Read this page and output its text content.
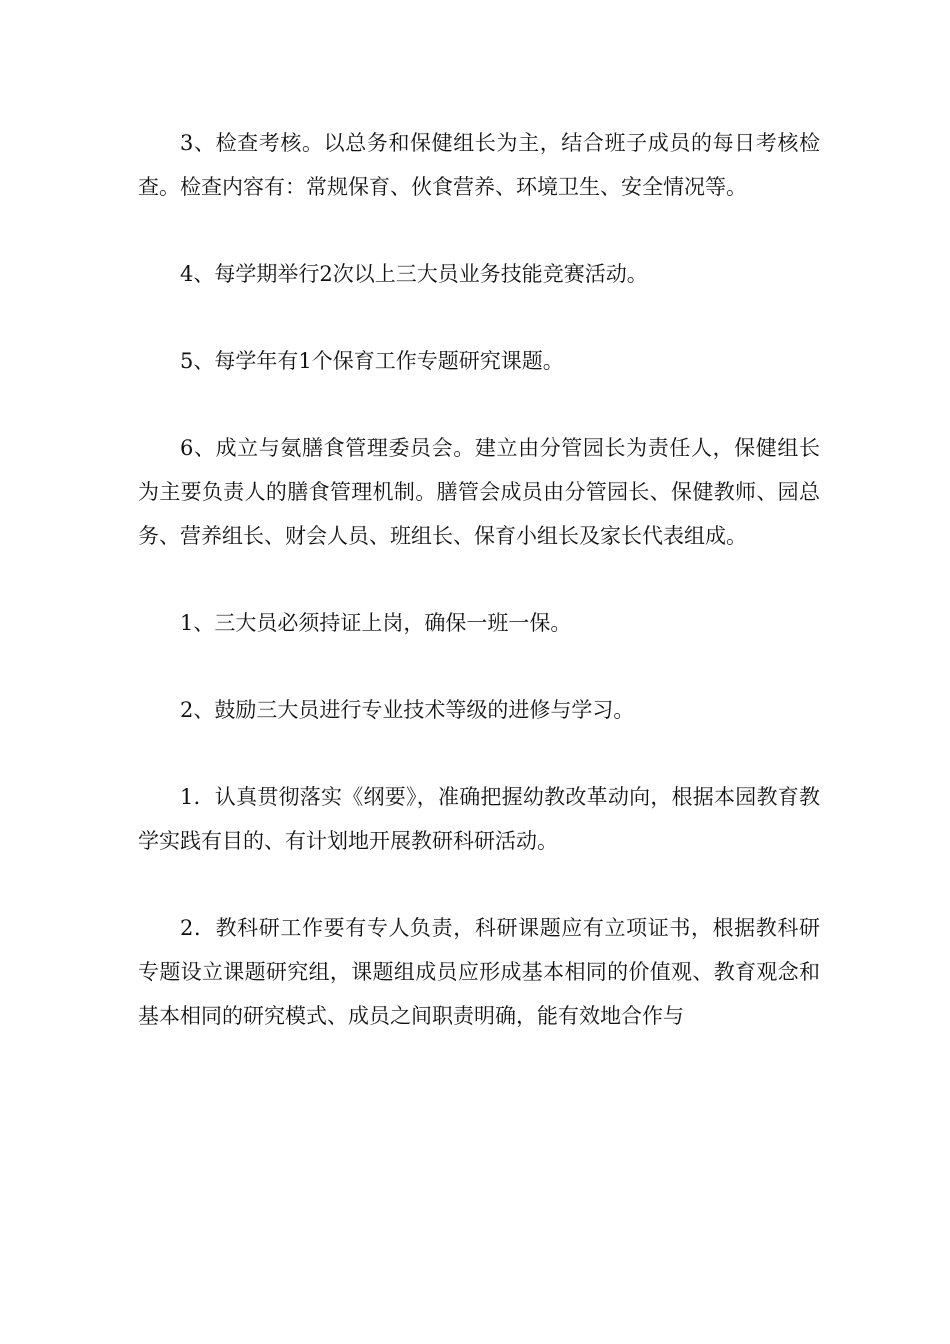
3、检查考核。以总务和保健组长为主，结合班子成员的每日考核检查。检查内容有：常规保育、伙食营养、环境卫生、安全情况等。

4、每学期举行2次以上三大员业务技能竞赛活动。

5、每学年有1个保育工作专题研究课题。

6、成立与氨膳食管理委员会。建立由分管园长为责任人，保健组长为主要负责人的膳食管理机制。膳管会成员由分管园长、保健教师、园总务、营养组长、财会人员、班组长、保育小组长及家长代表组成。

1、三大员必须持证上岗，确保一班一保。

2、鼓励三大员进行专业技术等级的进修与学习。

1．认真贯彻落实《纲要》，准确把握幼教改革动向，根据本园教育教学实践有目的、有计划地开展教研科研活动。

2．教科研工作要有专人负责，科研课题应有立项证书，根据教科研专题设立课题研究组，课题组成员应形成基本相同的价值观、教育观念和基本相同的研究模式、成员之间职责明确，能有效地合作与
